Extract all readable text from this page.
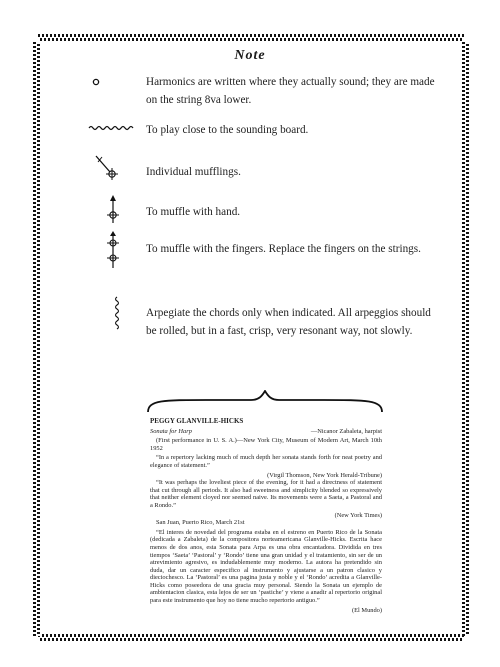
Note
Harmonics are written where they actually sound; they are made on the string 8va lower.
To play close to the sounding board.
Individual mufflings.
To muffle with hand.
To muffle with the fingers. Replace the fingers on the strings.
Arpegiate the chords only when indicated. All arpeggios should be rolled, but in a fast, crisp, very resonant way, not slowly.

PEGGY GLANVILLE-HICKS

Sonata for Harp	—Nicanor Zabaleta, harpist

(First performance in U. S. A.)—New York City, Museum of Modern Art, March 10th 1952

“In a repertory lacking much of much depth her sonata stands forth for neat poetry and elegance of statement.”

(Virgil Thomson, New York Herald-Tribune)

“It was perhaps the loveliest piece of the evening, for it had a directness of statement that cut through all periods. It also had sweetness and simplicity blended so expressively that neither element cloyed nor seemed naive. Its movements were a Saeta, a Pastoral and a Rondo.”

(New York Times)

San Juan, Puerto Rico, March 21st

“El interes de novedad del programa estaba en el estreno en Puerto Rico de la Sonata (dedicada a Zabaleta) de la compositora norteamericana Glanville-Hicks. Escrita hace menos de dos anos, esta Sonata para Arpa es una obra encantadora. Dividida en tres tiempos ‘Saeta’ ‘Pastoral’ y ‘Rondo’ tiene una gran unidad y el tratamiento, sin ser de un atrevimiento agresivo, es indudablemente muy moderno. La autora ha pretendido sin duda, dar un caracter especifico al instrumento y ajustarse a un patron clasico y dieciochesco. La ‘Pastoral’ es una pagina justa y noble y el ‘Rondo’ acredita a Glanville-Hicks como poseedora de una gracia muy personal. Siendo la Sonata un ejemplo de ambientacion clasica, esta lejos de ser un ‘pastiche’ y viene a anadir al repertorio original para este instrumento que hoy no tiene mucho repertorio antiguo.”

(El Mundo)
